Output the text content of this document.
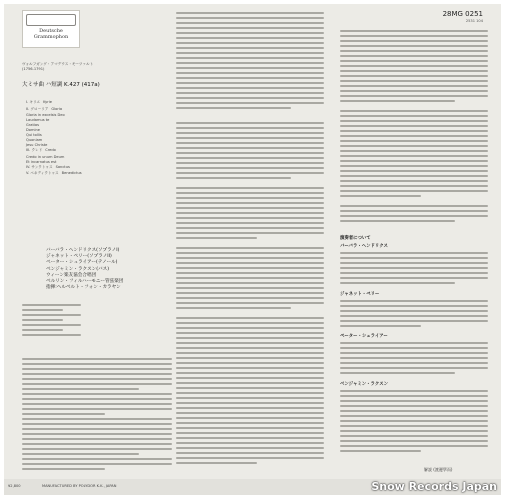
Deutsche
Grammophon
28MG 0251
2531 104
ヴォルフガング・アマデウス・モーツァルト
(1756-1791)
大ミサ曲 ハ短調 K.427 (417a)
I. キリエ Kyrie
II. グローリア Gloria
Gloria in excelsis Deo
Laudamus te
Gratias
Domine
Qui tollis
Quoniam
Jesu Christe
III. クレド Credo
Credo in unum Deum
Et incarnatus est
IV. サンクトゥス Sanctus
V. ベネディクトゥス Benedictus
バーバラ・ヘンドリクス(ソプラノI)
ジャネット・ペリー(ソプラノII)
ペーター・シュライアー(テノール)
ベンジャミン・ラクスン(バス)
ウィーン楽友協会合唱団
ベルリン・フィルハーモニー管弦楽団
指揮:ヘルベルト・フォン・カラヤン
演奏者について
バーバラ・ヘンドリクス
ジャネット・ペリー
ペーター・シュライアー
ベンジャミン・ラクスン
解説 (渡邊學而)
¥2,800	MANUFACTURED BY POLYDOR K.K., JAPAN	Snow Records Japan
